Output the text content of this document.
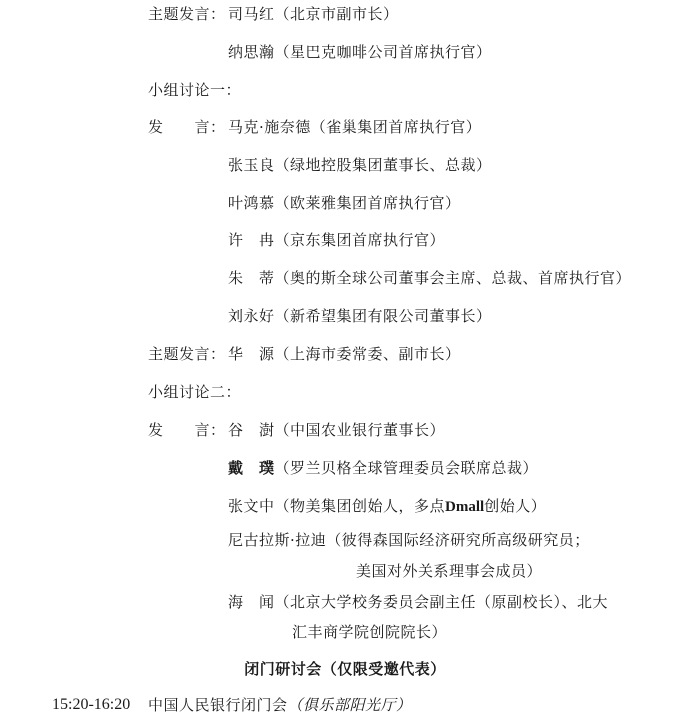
主题发言： 司马红（北京市副市长）
纳思瀚（星巴克咖啡公司首席执行官）
小组讨论一：
发　　言： 马克·施奈德（雀巢集团首席执行官）
张玉良（绿地控股集团董事长、总裁）
叶鸿慕（欧莱雅集团首席执行官）
许　冉（京东集团首席执行官）
朱　蒂（奥的斯全球公司董事会主席、总裁、首席执行官）
刘永好（新希望集团有限公司董事长）
主题发言： 华　源（上海市委常委、副市长）
小组讨论二：
发　　言： 谷　澍（中国农业银行董事长）
戴　璞（罗兰贝格全球管理委员会联席总裁）
张文中（物美集团创始人，多点Dmall创始人）
尼古拉斯·拉迪（彼得森国际经济研究所高级研究员；
美国对外关系理事会成员）
海　闻（北京大学校务委员会副主任（原副校长）、北大
汇丰商学院创院院长）
闭门研讨会（仅限受邀代表）
15:20-16:20 中国人民银行闭门会（俱乐部阳光厅）
